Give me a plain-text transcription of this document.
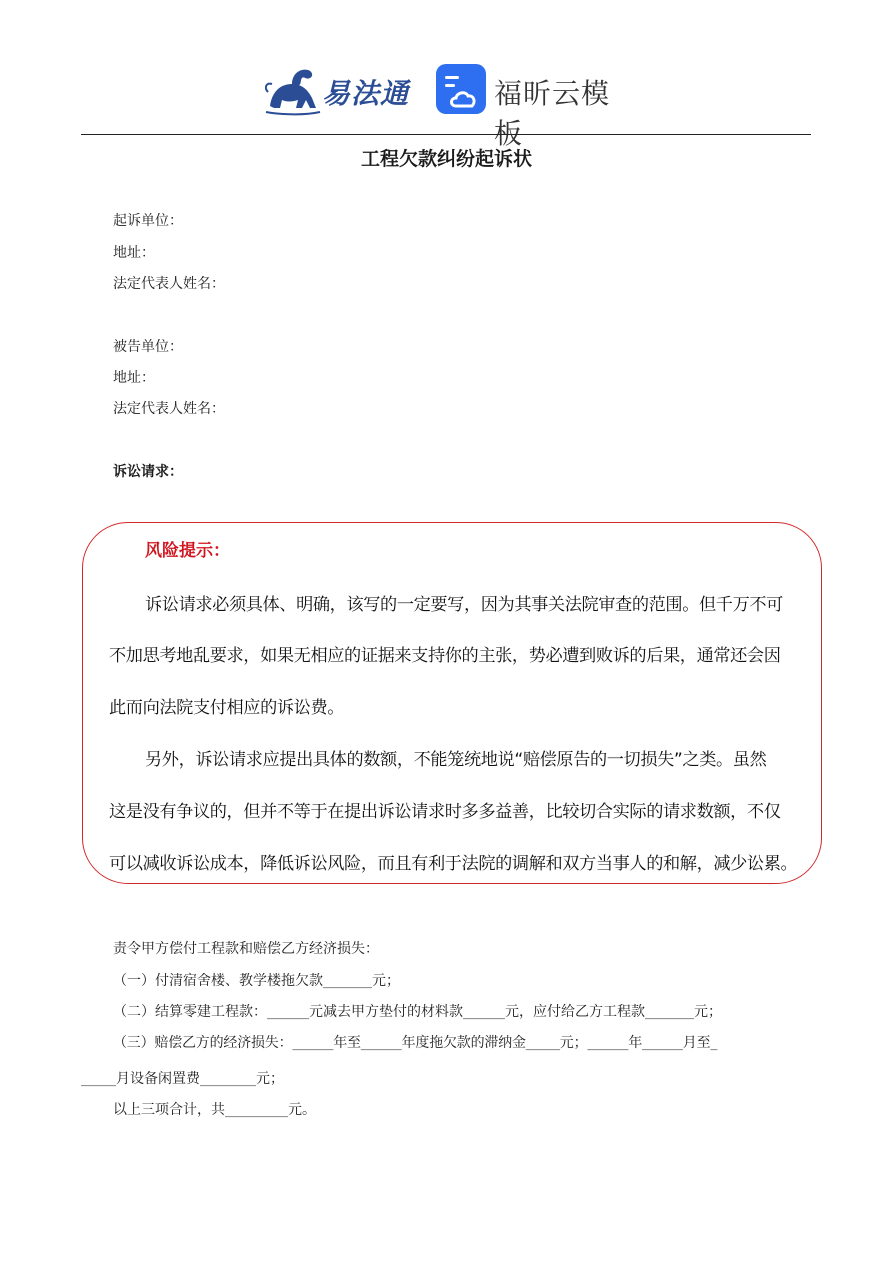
易法通	福昕云模板
工程欠款纠纷起诉状
起诉单位：
地址：
法定代表人姓名：
被告单位：
地址：
法定代表人姓名：
诉讼请求：
风险提示：
诉讼请求必须具体、明确，该写的一定要写，因为其事关法院审查的范围。但千万不可
不加思考地乱要求，如果无相应的证据来支持你的主张，势必遭到败诉的后果，通常还会因
此而向法院支付相应的诉讼费。
另外，诉讼请求应提出具体的数额，不能笼统地说“赔偿原告的一切损失”之类。虽然
这是没有争议的，但并不等于在提出诉讼请求时多多益善，比较切合实际的请求数额，不仅
可以减收诉讼成本，降低诉讼风险，而且有利于法院的调解和双方当事人的和解，减少讼累。
责令甲方偿付工程款和赔偿乙方经济损失：
（一）付清宿舍楼、教学楼拖欠款_______元；
（二）结算零建工程款：______元减去甲方垫付的材料款______元，应付给乙方工程款_______元；
（三）赔偿乙方的经济损失：______年至______年度拖欠款的滞纳金_____元；______年______月至_
_____月设备闲置费________元；
以上三项合计，共_________元。
